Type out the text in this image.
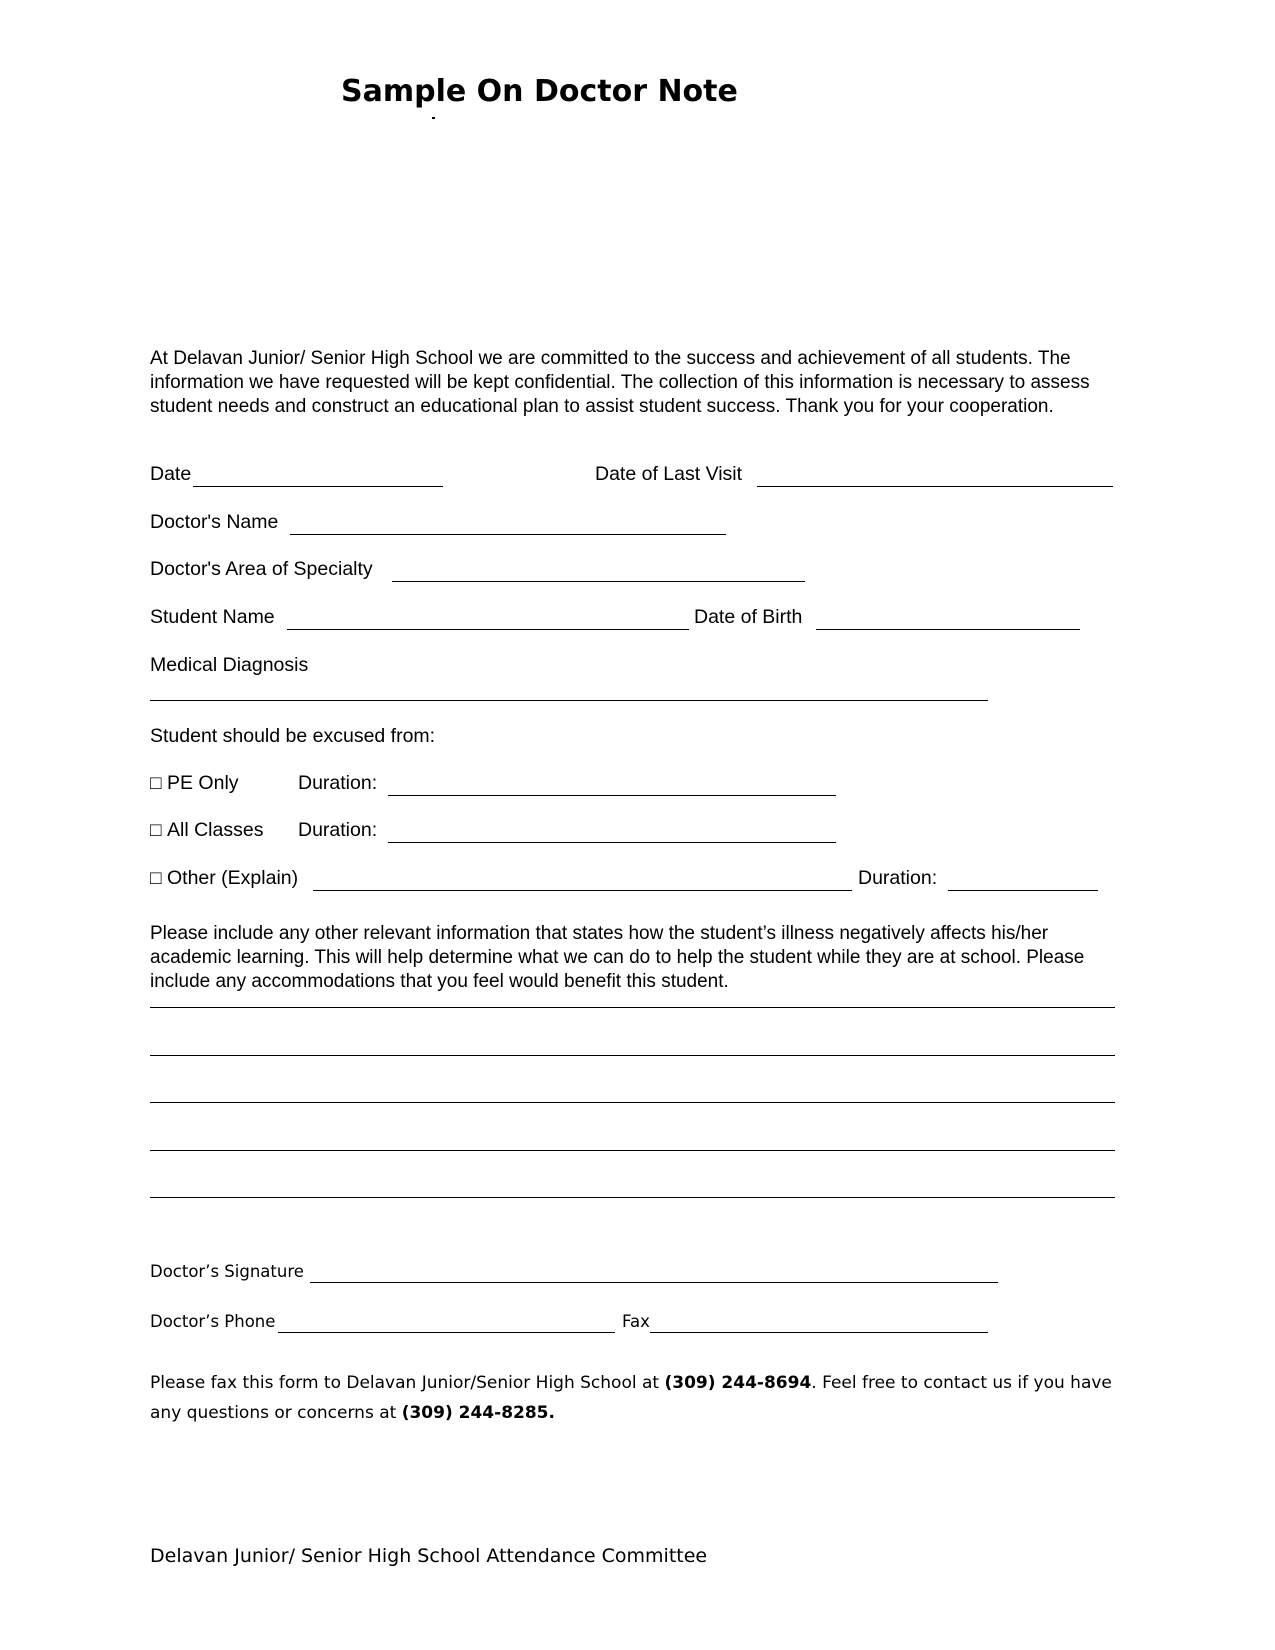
Sample On Doctor Note
At Delavan Junior/ Senior High School we are committed to the success and achievement of all students. The information we have requested will be kept confidential. The collection of this information is necessary to assess student needs and construct an educational plan to assist student success. Thank you for your cooperation.
Date	Date of Last Visit
Doctor's Name
Doctor's Area of Specialty
Student Name	Date of Birth
Medical Diagnosis
Student should be excused from:
□ PE Only	Duration:
□ All Classes Duration:
□ Other (Explain)	Duration:
Please include any other relevant information that states how the student’s illness negatively affects his/her academic learning. This will help determine what we can do to help the student while they are at school. Please include any accommodations that you feel would benefit this student.
Doctor’s Signature
Doctor’s Phone	Fax
Please fax this form to Delavan Junior/Senior High School at (309) 244-8694. Feel free to contact us if you have any questions or concerns at (309) 244-8285.
Delavan Junior/ Senior High School Attendance Committee
